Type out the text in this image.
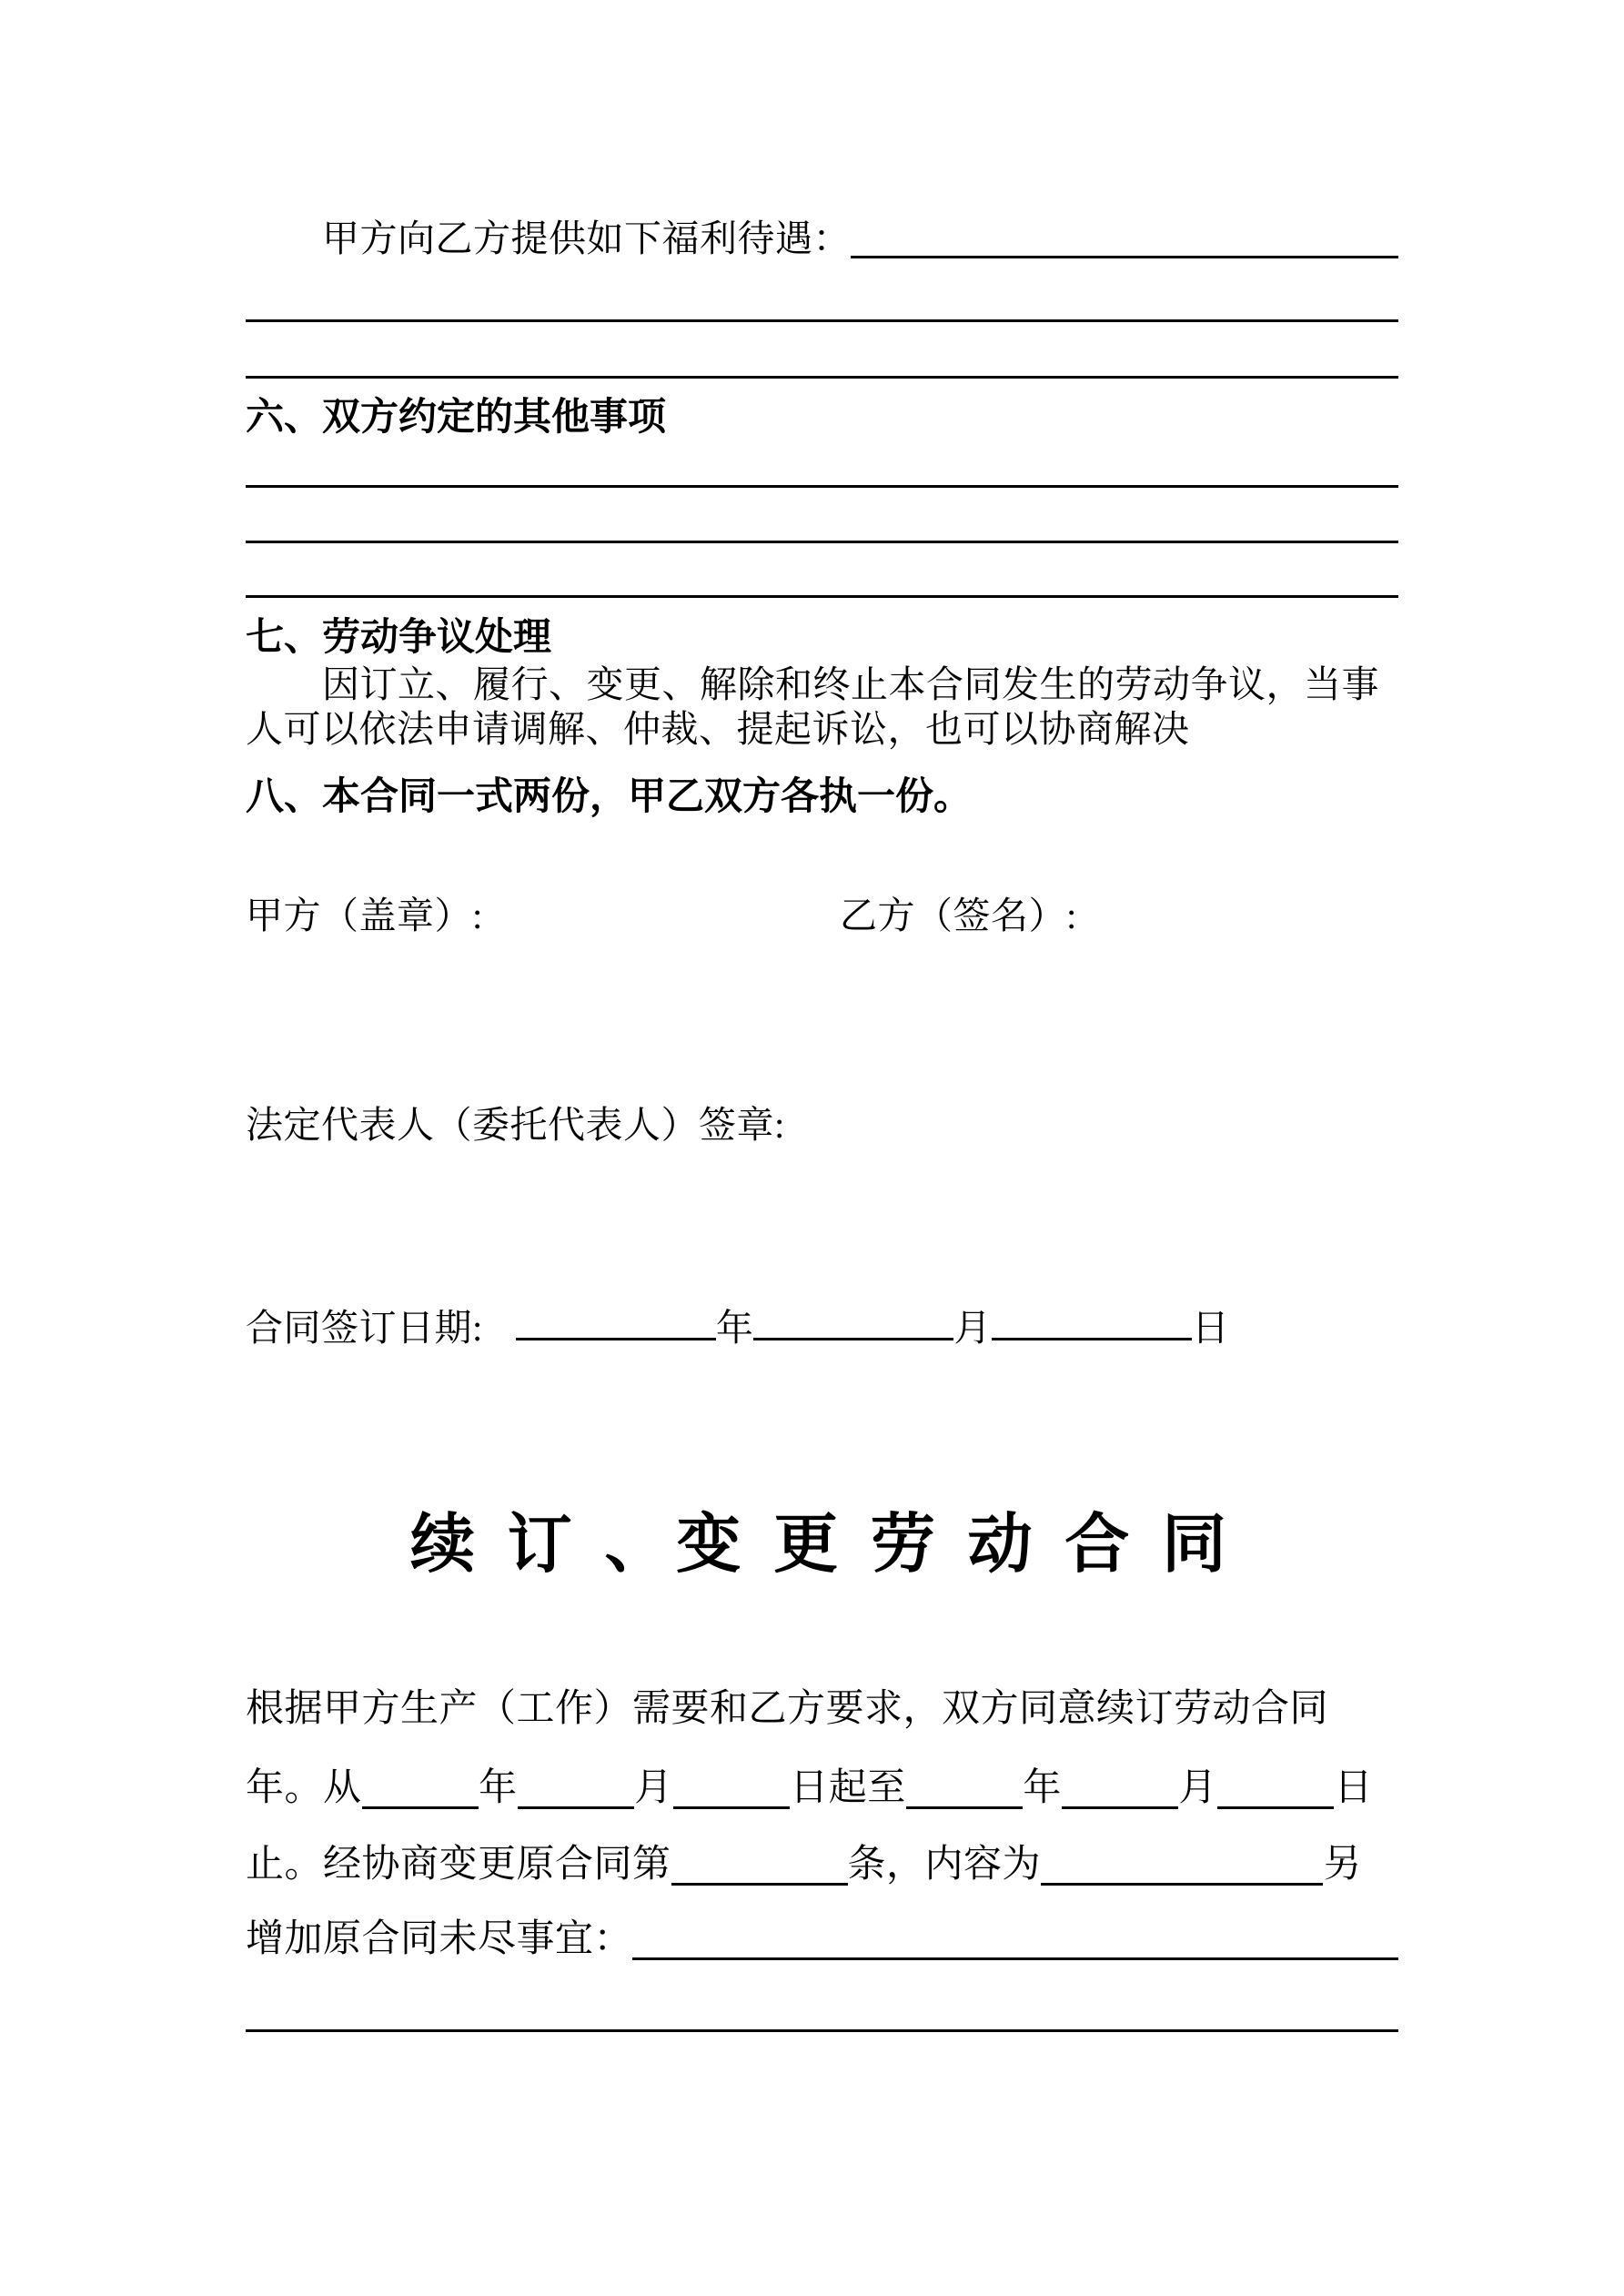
甲方向乙方提供如下福利待遇：
六、双方约定的其他事项
七、劳动争议处理
因订立、履行、变更、解除和终止本合同发生的劳动争议，当事
人可以依法申请调解、仲裁、提起诉讼，也可以协商解决
八、本合同一式两份，甲乙双方各执一份。
甲方（盖章）:	乙方（签名）:
法定代表人（委托代表人）签章:
合同签订日期:	年	月	日
续 订 、变 更 劳 动 合 同
根据甲方生产（工作）需要和乙方要求，双方同意续订劳动合同
年。从	年	月	日起至	年	月	日
止。经协商变更原合同第	条，内容为	另
增加原合同未尽事宜：
